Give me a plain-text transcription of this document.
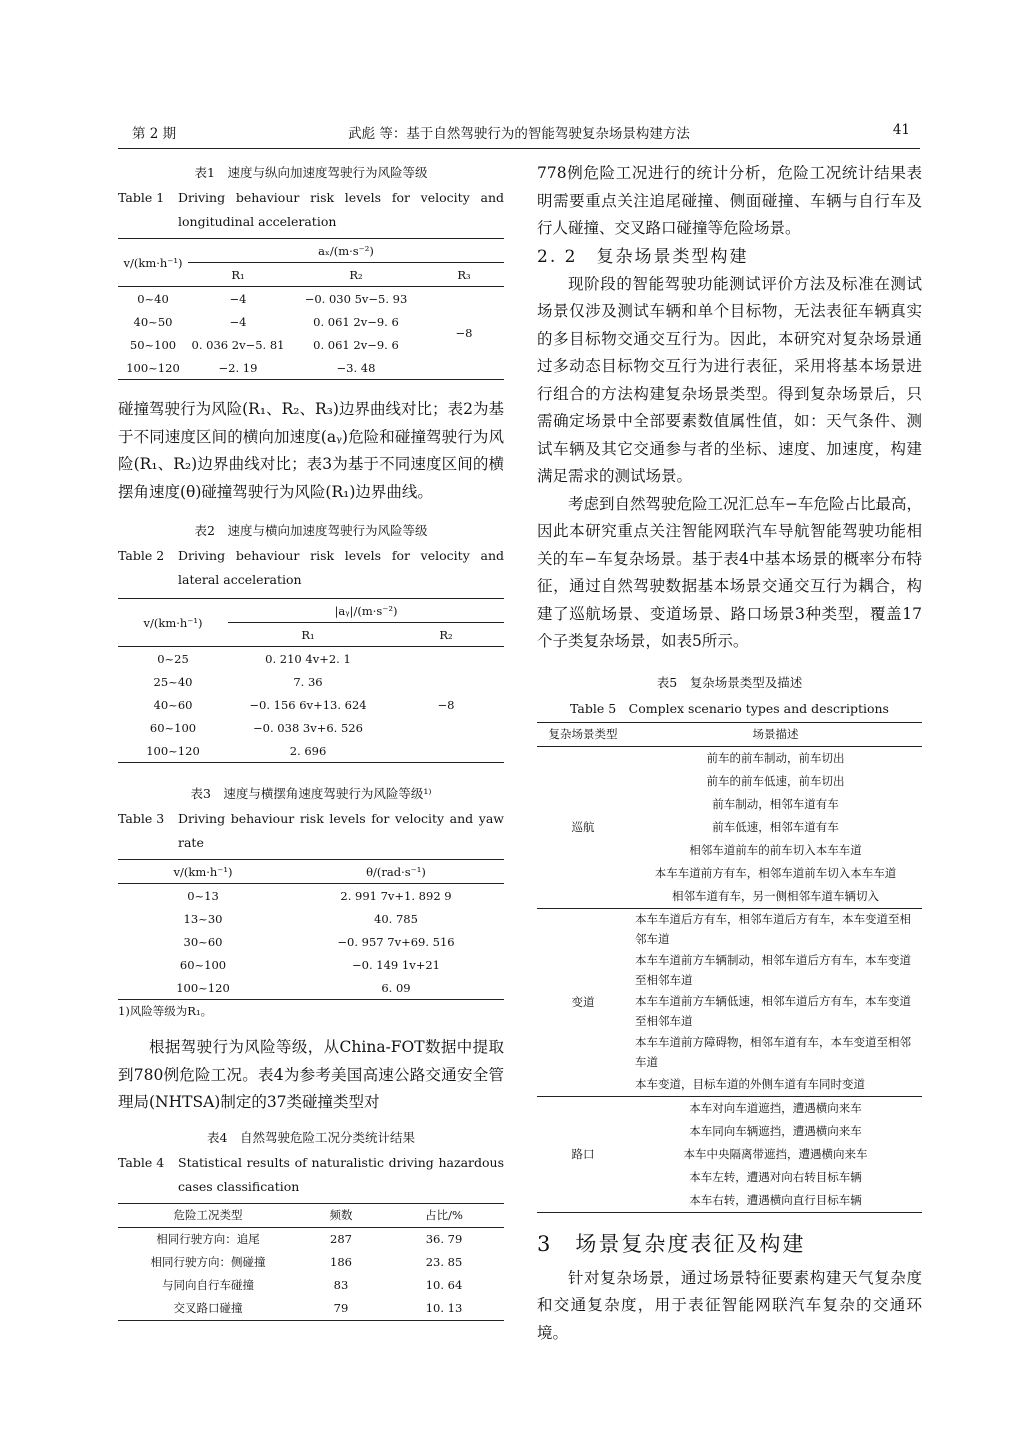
第 2 期	武彪 等：基于自然驾驶行为的智能驾驶复杂场景构建方法	41
表1　速度与纵向加速度驾驶行为风险等级
Table 1	Driving behaviour risk levels for velocity and longitudinal acceleration
v/(km·h⁻¹)	aₓ/(m·s⁻²)		
	R₁	R₂	R₃
0~40	−4	−0. 030 5v−5. 93	−8
40~50	−4	0. 061 2v−9. 6	
50~100	0. 036 2v−5. 81	0. 061 2v−9. 6	
100~120	−2. 19	−3. 48	

碰撞驾驶行为风险(R₁、R₂、R₃)边界曲线对比；表2为基于不同速度区间的横向加速度(aᵧ)危险和碰撞驾驶行为风险(R₁、R₂)边界曲线对比；表3为基于不同速度区间的横摆角速度(θ)碰撞驾驶行为风险(R₁)边界曲线。

表2　速度与横向加速度驾驶行为风险等级
Table 2	Driving behaviour risk levels for velocity and lateral acceleration
v/(km·h⁻¹)	|aᵧ|/(m·s⁻²)	
	R₁	R₂
0~25	0. 210 4v+2. 1	−8
25~40	7. 36	
40~60	−0. 156 6v+13. 624	
60~100	−0. 038 3v+6. 526	
100~120	2. 696	
表3　速度与横摆角速度驾驶行为风险等级¹⁾
Table 3	Driving behaviour risk levels for velocity and yaw rate
v/(km·h⁻¹)	θ/(rad·s⁻¹)
0~13	2. 991 7v+1. 892 9
13~30	40. 785
30~60	−0. 957 7v+69. 516
60~100	−0. 149 1v+21
100~120	6. 09
1)风险等级为R₁。

根据驾驶行为风险等级，从China-FOT数据中提取到780例危险工况。表4为参考美国高速公路交通安全管理局(NHTSA)制定的37类碰撞类型对

表4　自然驾驶危险工况分类统计结果
Table 4	Statistical results of naturalistic driving hazardous cases classification
危险工况类型	频数	占比/%
相同行驶方向：追尾	287	36. 79
相同行驶方向：侧碰撞	186	23. 85
与同向自行车碰撞	83	10. 64
交叉路口碰撞	79	10. 13

778例危险工况进行的统计分析，危险工况统计结果表明需要重点关注追尾碰撞、侧面碰撞、车辆与自行车及行人碰撞、交叉路口碰撞等危险场景。

2. 2　复杂场景类型构建

现阶段的智能驾驶功能测试评价方法及标准在测试场景仅涉及测试车辆和单个目标物，无法表征车辆真实的多目标物交通交互行为。因此，本研究对复杂场景通过多动态目标物交互行为进行表征，采用将基本场景进行组合的方法构建复杂场景类型。得到复杂场景后，只需确定场景中全部要素数值属性值，如：天气条件、测试车辆及其它交通参与者的坐标、速度、加速度，构建满足需求的测试场景。

考虑到自然驾驶危险工况汇总车−车危险占比最高，因此本研究重点关注智能网联汽车导航智能驾驶功能相关的车−车复杂场景。基于表4中基本场景的概率分布特征，通过自然驾驶数据基本场景交通交互行为耦合，构建了巡航场景、变道场景、路口场景3种类型，覆盖17个子类复杂场景，如表5所示。

表5　复杂场景类型及描述
Table 5　Complex scenario types and descriptions
复杂场景类型	场景描述
巡航	前车的前车制动，前车切出
	前车的前车低速，前车切出
	前车制动，相邻车道有车
	前车低速，相邻车道有车
	相邻车道前车的前车切入本车车道
	本车车道前方有车，相邻车道前车切入本车车道
	相邻车道有车，另一侧相邻车道车辆切入
变道	本车车道后方有车，相邻车道后方有车，本车变道至相邻车道
	本车车道前方车辆制动，相邻车道后方有车，本车变道至相邻车道
	本车车道前方车辆低速，相邻车道后方有车，本车变道至相邻车道
	本车车道前方障碍物，相邻车道有车，本车变道至相邻车道
	本车变道，目标车道的外侧车道有车同时变道
路口	本车对向车道遮挡，遭遇横向来车
	本车同向车辆遮挡，遭遇横向来车
	本车中央隔离带遮挡，遭遇横向来车
	本车左转，遭遇对向右转目标车辆
	本车右转，遭遇横向直行目标车辆
3　场景复杂度表征及构建

针对复杂场景，通过场景特征要素构建天气复杂度和交通复杂度，用于表征智能网联汽车复杂的交通环境。
